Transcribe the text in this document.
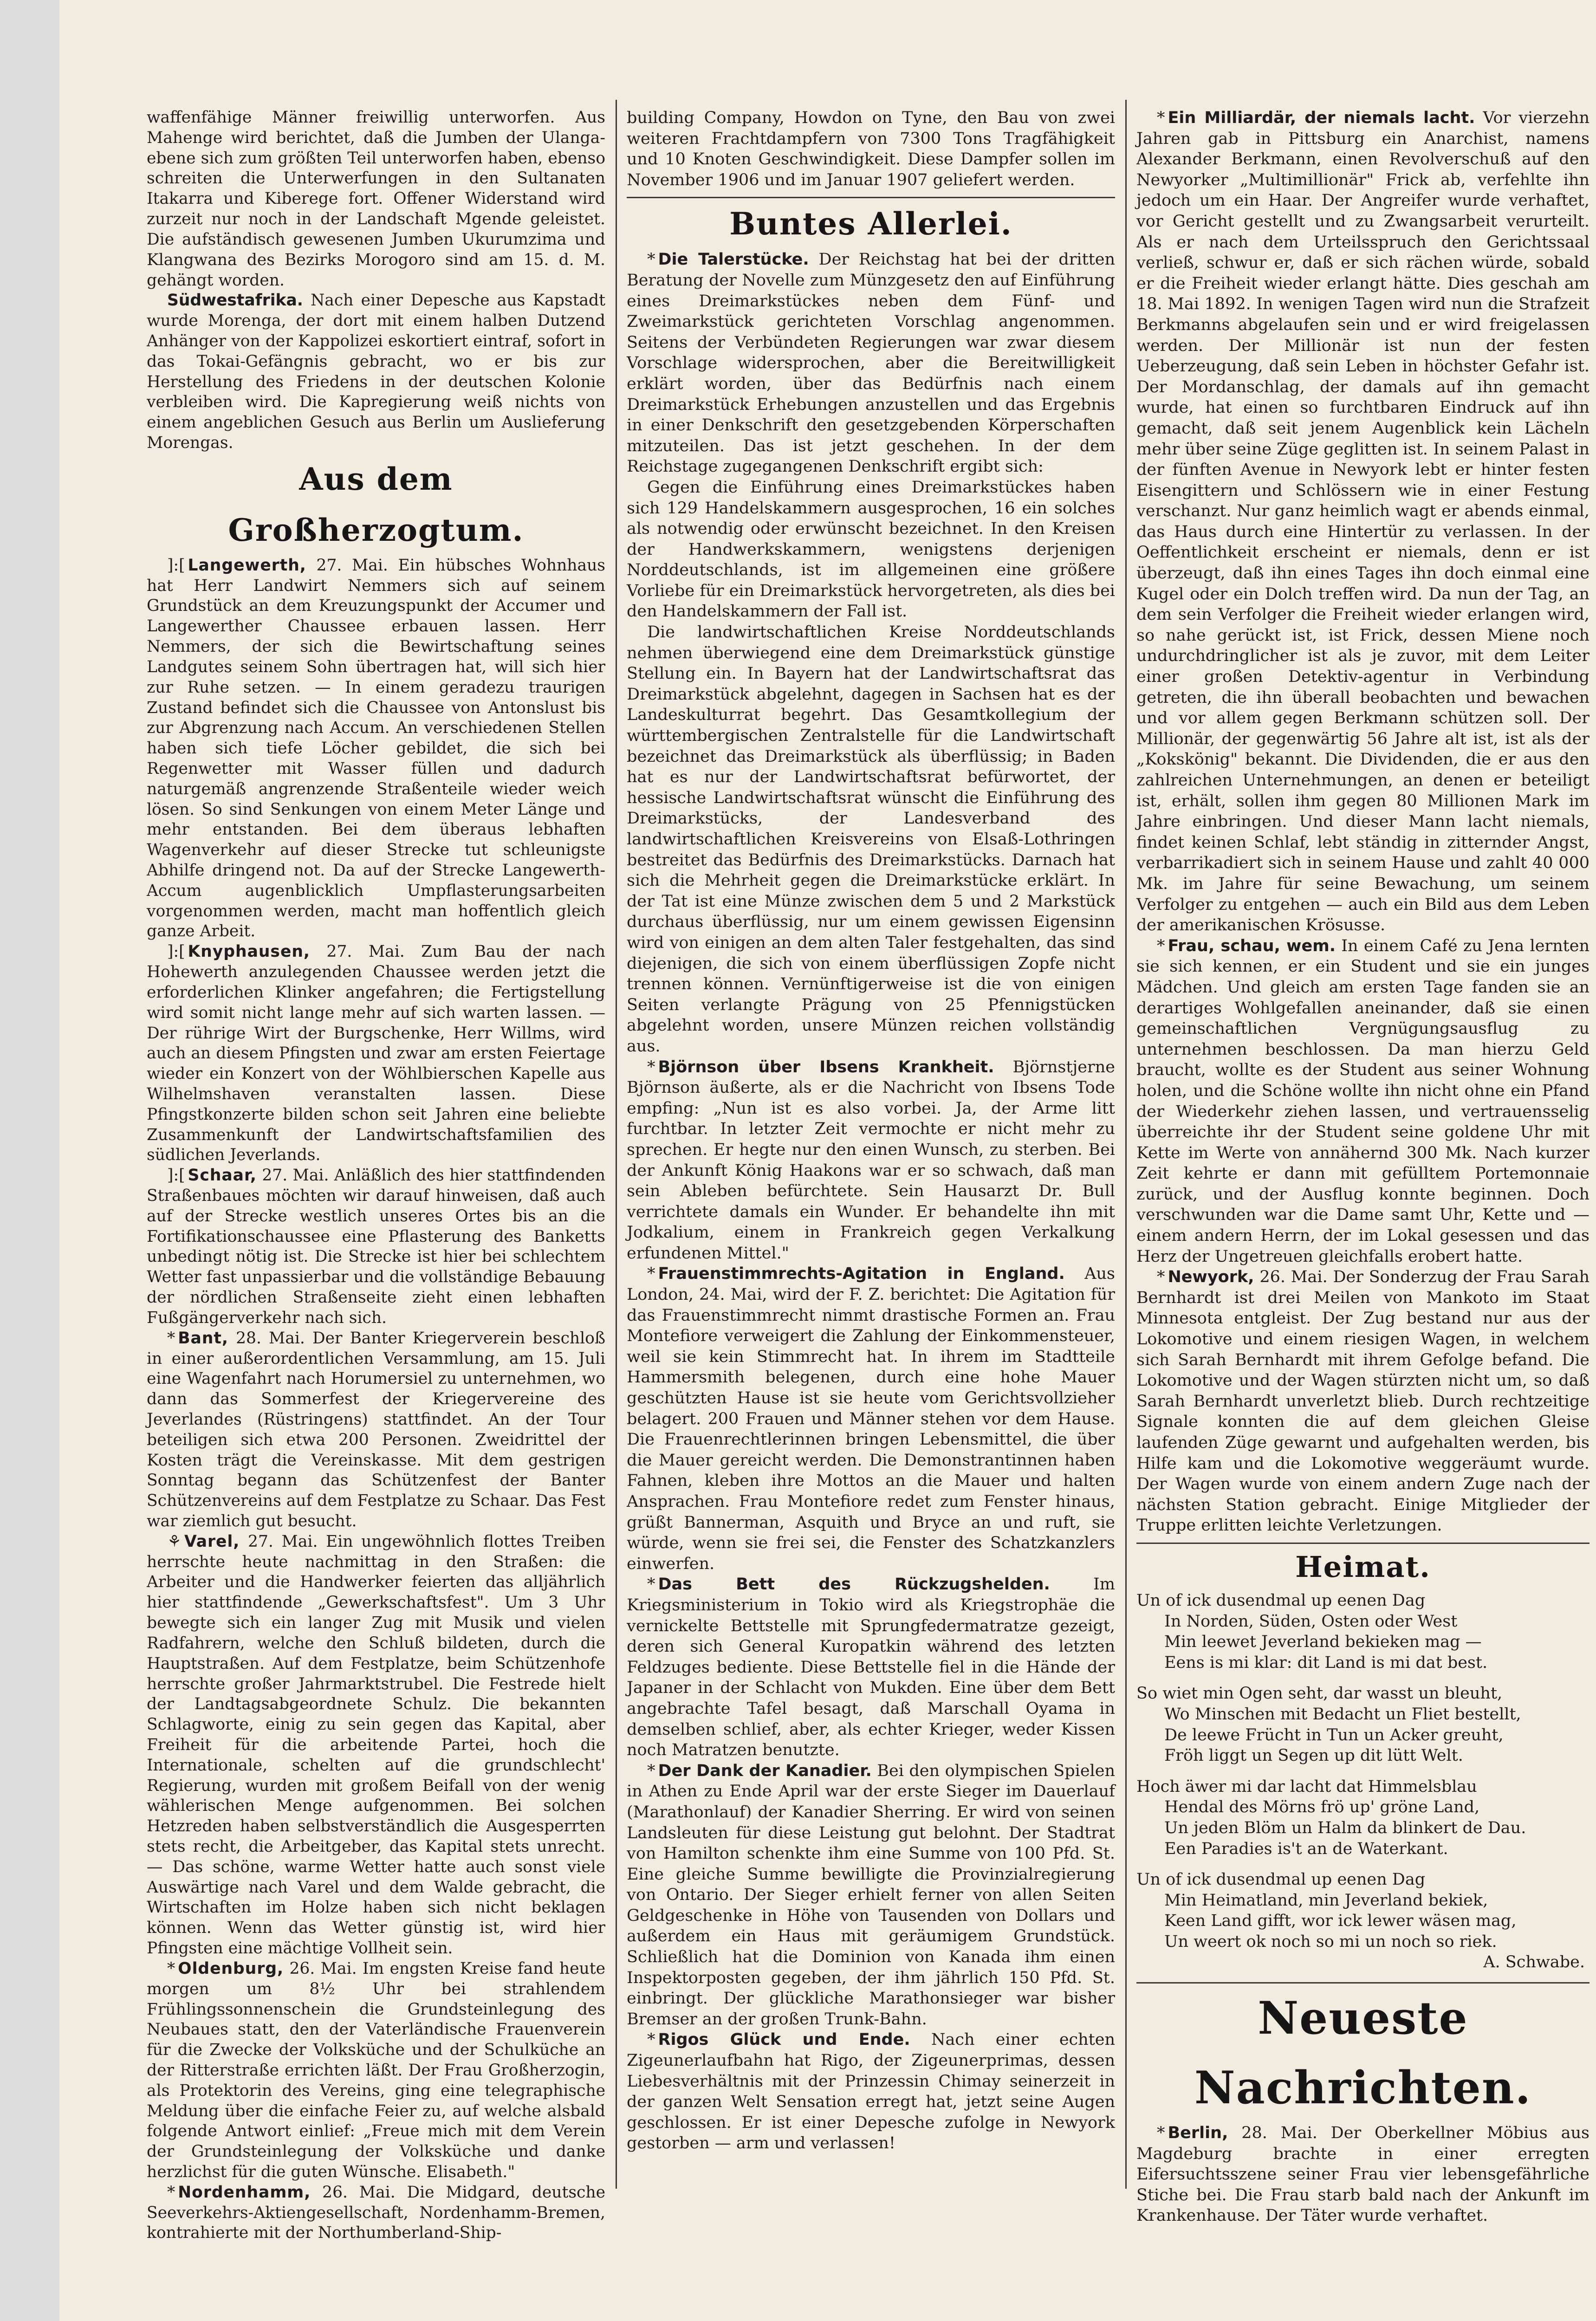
waffenfähige Männer freiwillig unterworfen. Aus Mahenge wird berichtet, daß die Jumben der Ulanga-ebene sich zum größten Teil unterworfen haben, ebenso schreiten die Unterwerfungen in den Sultanaten Itakarra und Kiberege fort. Offener Widerstand wird zurzeit nur noch in der Landschaft Mgende geleistet. Die aufständisch gewesenen Jumben Ukurumzima und Klangwana des Bezirks Morogoro sind am 15. d. M. gehängt worden.

Südwestafrika. Nach einer Depesche aus Kapstadt wurde Morenga, der dort mit einem halben Dutzend Anhänger von der Kappolizei eskortiert eintraf, sofort in das Tokai-Gefängnis gebracht, wo er bis zur Herstellung des Friedens in der deutschen Kolonie verbleiben wird. Die Kapregierung weiß nichts von einem angeblichen Gesuch aus Berlin um Auslieferung Morengas.

Aus dem Großherzogtum.

]:[ Langewerth, 27. Mai. Ein hübsches Wohnhaus hat Herr Landwirt Nemmers sich auf seinem Grundstück an dem Kreuzungspunkt der Accumer und Langewerther Chaussee erbauen lassen. Herr Nemmers, der sich die Bewirtschaftung seines Landgutes seinem Sohn übertragen hat, will sich hier zur Ruhe setzen. — In einem geradezu traurigen Zustand befindet sich die Chaussee von Antonslust bis zur Abgrenzung nach Accum. An verschiedenen Stellen haben sich tiefe Löcher gebildet, die sich bei Regenwetter mit Wasser füllen und dadurch naturgemäß angrenzende Straßenteile wieder weich lösen. So sind Senkungen von einem Meter Länge und mehr entstanden. Bei dem überaus lebhaften Wagenverkehr auf dieser Strecke tut schleunigste Abhilfe dringend not. Da auf der Strecke Langewerth-Accum augenblicklich Umpflasterungsarbeiten vorgenommen werden, macht man hoffentlich gleich ganze Arbeit.

]:[ Knyphausen, 27. Mai. Zum Bau der nach Hohewerth anzulegenden Chaussee werden jetzt die erforderlichen Klinker angefahren; die Fertigstellung wird somit nicht lange mehr auf sich warten lassen. — Der rührige Wirt der Burgschenke, Herr Willms, wird auch an diesem Pfingsten und zwar am ersten Feiertage wieder ein Konzert von der Wöhlbierschen Kapelle aus Wilhelmshaven veranstalten lassen. Diese Pfingstkonzerte bilden schon seit Jahren eine beliebte Zusammenkunft der Landwirtschaftsfamilien des südlichen Jeverlands.

]:[ Schaar, 27. Mai. Anläßlich des hier stattfindenden Straßenbaues möchten wir darauf hinweisen, daß auch auf der Strecke westlich unseres Ortes bis an die Fortifikationschaussee eine Pflasterung des Banketts unbedingt nötig ist. Die Strecke ist hier bei schlechtem Wetter fast unpassierbar und die vollständige Bebauung der nördlichen Straßenseite zieht einen lebhaften Fußgängerverkehr nach sich.

* Bant, 28. Mai. Der Banter Kriegerverein beschloß in einer außerordentlichen Versammlung, am 15. Juli eine Wagenfahrt nach Horumersiel zu unternehmen, wo dann das Sommerfest der Kriegervereine des Jeverlandes (Rüstringens) stattfindet. An der Tour beteiligen sich etwa 200 Personen. Zweidrittel der Kosten trägt die Vereinskasse. Mit dem gestrigen Sonntag begann das Schützenfest der Banter Schützenvereins auf dem Festplatze zu Schaar. Das Fest war ziemlich gut besucht.

⚘ Varel, 27. Mai. Ein ungewöhnlich flottes Treiben herrschte heute nachmittag in den Straßen: die Arbeiter und die Handwerker feierten das alljährlich hier stattfindende „Gewerkschaftsfest". Um 3 Uhr bewegte sich ein langer Zug mit Musik und vielen Radfahrern, welche den Schluß bildeten, durch die Hauptstraßen. Auf dem Festplatze, beim Schützenhofe herrschte großer Jahrmarktstrubel. Die Festrede hielt der Landtagsabgeordnete Schulz. Die bekannten Schlagworte, einig zu sein gegen das Kapital, aber Freiheit für die arbeitende Partei, hoch die Internationale, schelten auf die grundschlecht' Regierung, wurden mit großem Beifall von der wenig wählerischen Menge aufgenommen. Bei solchen Hetzreden haben selbstverständlich die Ausgesperrten stets recht, die Arbeitgeber, das Kapital stets unrecht. — Das schöne, warme Wetter hatte auch sonst viele Auswärtige nach Varel und dem Walde gebracht, die Wirtschaften im Holze haben sich nicht beklagen können. Wenn das Wetter günstig ist, wird hier Pfingsten eine mächtige Vollheit sein.

* Oldenburg, 26. Mai. Im engsten Kreise fand heute morgen um 8½ Uhr bei strahlendem Frühlingssonnenschein die Grundsteinlegung des Neubaues statt, den der Vaterländische Frauenverein für die Zwecke der Volksküche und der Schulküche an der Ritterstraße errichten läßt. Der Frau Großherzogin, als Protektorin des Vereins, ging eine telegraphische Meldung über die einfache Feier zu, auf welche alsbald folgende Antwort einlief: „Freue mich mit dem Verein der Grundsteinlegung der Volksküche und danke herzlichst für die guten Wünsche. Elisabeth."

* Nordenhamm, 26. Mai. Die Midgard, deutsche Seeverkehrs-Aktiengesellschaft, Nordenhamm-Bremen, kontrahierte mit der Northumberland-Ship-

building Company, Howdon on Tyne, den Bau von zwei weiteren Frachtdampfern von 7300 Tons Tragfähigkeit und 10 Knoten Geschwindigkeit. Diese Dampfer sollen im November 1906 und im Januar 1907 geliefert werden.

Buntes Allerlei.

* Die Talerstücke. Der Reichstag hat bei der dritten Beratung der Novelle zum Münzgesetz den auf Einführung eines Dreimarkstückes neben dem Fünf- und Zweimarkstück gerichteten Vorschlag angenommen. Seitens der Verbündeten Regierungen war zwar diesem Vorschlage widersprochen, aber die Bereitwilligkeit erklärt worden, über das Bedürfnis nach einem Dreimarkstück Erhebungen anzustellen und das Ergebnis in einer Denkschrift den gesetzgebenden Körperschaften mitzuteilen. Das ist jetzt geschehen. In der dem Reichstage zugegangenen Denkschrift ergibt sich:

Gegen die Einführung eines Dreimarkstückes haben sich 129 Handelskammern ausgesprochen, 16 ein solches als notwendig oder erwünscht bezeichnet. In den Kreisen der Handwerkskammern, wenigstens derjenigen Norddeutschlands, ist im allgemeinen eine größere Vorliebe für ein Dreimarkstück hervorgetreten, als dies bei den Handelskammern der Fall ist.

Die landwirtschaftlichen Kreise Norddeutschlands nehmen überwiegend eine dem Dreimarkstück günstige Stellung ein. In Bayern hat der Landwirtschaftsrat das Dreimarkstück abgelehnt, dagegen in Sachsen hat es der Landeskulturrat begehrt. Das Gesamtkollegium der württembergischen Zentralstelle für die Landwirtschaft bezeichnet das Dreimarkstück als überflüssig; in Baden hat es nur der Landwirtschaftsrat befürwortet, der hessische Landwirtschaftsrat wünscht die Einführung des Dreimarkstücks, der Landesverband des landwirtschaftlichen Kreisvereins von Elsaß-Lothringen bestreitet das Bedürfnis des Dreimarkstücks. Darnach hat sich die Mehrheit gegen die Dreimarkstücke erklärt. In der Tat ist eine Münze zwischen dem 5 und 2 Markstück durchaus überflüssig, nur um einem gewissen Eigensinn wird von einigen an dem alten Taler festgehalten, das sind diejenigen, die sich von einem überflüssigen Zopfe nicht trennen können. Vernünftigerweise ist die von einigen Seiten verlangte Prägung von 25 Pfennigstücken abgelehnt worden, unsere Münzen reichen vollständig aus.

* Björnson über Ibsens Krankheit. Björnstjerne Björnson äußerte, als er die Nachricht von Ibsens Tode empfing: „Nun ist es also vorbei. Ja, der Arme litt furchtbar. In letzter Zeit vermochte er nicht mehr zu sprechen. Er hegte nur den einen Wunsch, zu sterben. Bei der Ankunft König Haakons war er so schwach, daß man sein Ableben befürchtete. Sein Hausarzt Dr. Bull verrichtete damals ein Wunder. Er behandelte ihn mit Jodkalium, einem in Frankreich gegen Verkalkung erfundenen Mittel."

* Frauenstimmrechts-Agitation in England. Aus London, 24. Mai, wird der F. Z. berichtet: Die Agitation für das Frauenstimmrecht nimmt drastische Formen an. Frau Montefiore verweigert die Zahlung der Einkommensteuer, weil sie kein Stimmrecht hat. In ihrem im Stadtteile Hammersmith belegenen, durch eine hohe Mauer geschützten Hause ist sie heute vom Gerichtsvollzieher belagert. 200 Frauen und Männer stehen vor dem Hause. Die Frauenrechtlerinnen bringen Lebensmittel, die über die Mauer gereicht werden. Die Demonstrantinnen haben Fahnen, kleben ihre Mottos an die Mauer und halten Ansprachen. Frau Montefiore redet zum Fenster hinaus, grüßt Bannerman, Asquith und Bryce an und ruft, sie würde, wenn sie frei sei, die Fenster des Schatzkanzlers einwerfen.

* Das Bett des Rückzugshelden.	Im Kriegsministerium in Tokio wird als Kriegstrophäe die vernickelte Bettstelle mit Sprungfedermatratze gezeigt, deren sich General Kuropatkin während des letzten Feldzuges bediente. Diese Bettstelle fiel in die Hände der Japaner in der Schlacht von Mukden. Eine über dem Bett angebrachte Tafel besagt, daß Marschall Oyama in demselben schlief, aber, als echter Krieger, weder Kissen noch Matratzen benutzte.

* Der Dank der Kanadier. Bei den olympischen Spielen in Athen zu Ende April war der erste Sieger im Dauerlauf (Marathonlauf) der Kanadier Sherring. Er wird von seinen Landsleuten für diese Leistung gut belohnt. Der Stadtrat von Hamilton schenkte ihm eine Summe von 100 Pfd. St. Eine gleiche Summe bewilligte die Provinzialregierung von Ontario. Der Sieger erhielt ferner von allen Seiten Geldgeschenke in Höhe von Tausenden von Dollars und außerdem ein Haus mit geräumigem Grundstück. Schließlich hat die Dominion von Kanada ihm einen Inspektorposten gegeben, der ihm jährlich 150 Pfd. St. einbringt. Der glückliche Marathonsieger war bisher Bremser an der großen Trunk-Bahn.

* Rigos Glück und Ende. Nach einer echten Zigeunerlaufbahn hat Rigo, der Zigeunerprimas, dessen Liebesverhältnis mit der Prinzessin Chimay seinerzeit in der ganzen Welt Sensation erregt hat, jetzt seine Augen geschlossen. Er ist einer Depesche zufolge in Newyork gestorben — arm und verlassen!

* Ein Milliardär, der niemals lacht. Vor vierzehn Jahren gab in Pittsburg ein Anarchist, namens Alexander Berkmann, einen Revolverschuß auf den Newyorker „Multimillionär" Frick ab, verfehlte ihn jedoch um ein Haar. Der Angreifer wurde verhaftet, vor Gericht gestellt und zu Zwangsarbeit verurteilt. Als er nach dem Urteilsspruch den Gerichtssaal verließ, schwur er, daß er sich rächen würde, sobald er die Freiheit wieder erlangt hätte. Dies geschah am 18. Mai 1892. In wenigen Tagen wird nun die Strafzeit Berkmanns abgelaufen sein und er wird freigelassen werden. Der Millionär ist nun der festen Ueberzeugung, daß sein Leben in höchster Gefahr ist. Der Mordanschlag, der damals auf ihn gemacht wurde, hat einen so furchtbaren Eindruck auf ihn gemacht, daß seit jenem Augenblick kein Lächeln mehr über seine Züge geglitten ist. In seinem Palast in der fünften Avenue in Newyork lebt er hinter festen Eisengittern und Schlössern wie in einer Festung verschanzt. Nur ganz heimlich wagt er abends einmal, das Haus durch eine Hintertür zu verlassen. In der Oeffentlichkeit erscheint er niemals, denn er ist überzeugt, daß ihn eines Tages ihn doch einmal eine Kugel oder ein Dolch treffen wird. Da nun der Tag, an dem sein Verfolger die Freiheit wieder erlangen wird, so nahe gerückt ist, ist Frick, dessen Miene noch undurchdringlicher ist als je zuvor, mit dem Leiter einer großen Detektiv-agentur in Verbindung getreten, die ihn überall beobachten und bewachen und vor allem gegen Berkmann schützen soll. Der Millionär, der gegenwärtig 56 Jahre alt ist, ist als der „Kokskönig" bekannt. Die Dividenden, die er aus den zahlreichen Unternehmungen, an denen er beteiligt ist, erhält, sollen ihm gegen 80 Millionen Mark im Jahre einbringen. Und dieser Mann lacht niemals, findet keinen Schlaf, lebt ständig in zitternder Angst, verbarrikadiert sich in seinem Hause und zahlt 40 000 Mk. im Jahre für seine Bewachung, um seinem Verfolger zu entgehen — auch ein Bild aus dem Leben der amerikanischen Krösusse.

* Frau, schau, wem. In einem Café zu Jena lernten sie sich kennen, er ein Student und sie ein junges Mädchen. Und gleich am ersten Tage fanden sie an derartiges Wohlgefallen aneinander, daß sie einen gemeinschaftlichen Vergnügungsausflug zu unternehmen beschlossen. Da man hierzu Geld braucht, wollte es der Student aus seiner Wohnung holen, und die Schöne wollte ihn nicht ohne ein Pfand der Wiederkehr ziehen lassen, und vertrauensselig überreichte ihr der Student seine goldene Uhr mit Kette im Werte von annähernd 300 Mk. Nach kurzer Zeit kehrte er dann mit gefülltem Portemonnaie zurück, und der Ausflug konnte beginnen. Doch verschwunden war die Dame samt Uhr, Kette und — einem andern Herrn, der im Lokal gesessen und das Herz der Ungetreuen gleichfalls erobert hatte.

* Newyork, 26. Mai. Der Sonderzug der Frau Sarah Bernhardt ist drei Meilen von Mankoto im Staat Minnesota entgleist. Der Zug bestand nur aus der Lokomotive und einem riesigen Wagen, in welchem sich Sarah Bernhardt mit ihrem Gefolge befand. Die Lokomotive und der Wagen stürzten nicht um, so daß Sarah Bernhardt unverletzt blieb. Durch rechtzeitige Signale konnten die auf dem gleichen Gleise laufenden Züge gewarnt und aufgehalten werden, bis Hilfe kam und die Lokomotive weggeräumt wurde. Der Wagen wurde von einem andern Zuge nach der nächsten Station gebracht. Einige Mitglieder der Truppe erlitten leichte Verletzungen.

Heimat.
Un of ick dusendmal up eenen Dag
In Norden, Süden, Osten oder West
Min leewet Jeverland bekieken mag —
Eens is mi klar: dit Land is mi dat best.
So wiet min Ogen seht, dar wasst un bleuht,
Wo Minschen mit Bedacht un Fliet bestellt,
De leewe Frücht in Tun un Acker greuht,
Fröh liggt un Segen up dit lütt Welt.
Hoch äwer mi dar lacht dat Himmelsblau
Hendal des Mörns frö up' gröne Land,
Un jeden Blöm un Halm da blinkert de Dau.
Een Paradies is't an de Waterkant.
Un of ick dusendmal up eenen Dag
Min Heimatland, min Jeverland bekiek,
Keen Land gifft, wor ick lewer wäsen mag,
Un weert ok noch so mi un noch so riek.
A. Schwabe.
Neueste Nachrichten.

* Berlin, 28. Mai. Der Oberkellner Möbius aus Magdeburg brachte in einer erregten Eifersuchtsszene seiner Frau vier lebensgefährliche Stiche bei. Die Frau starb bald nach der Ankunft im Krankenhause. Der Täter wurde verhaftet.
